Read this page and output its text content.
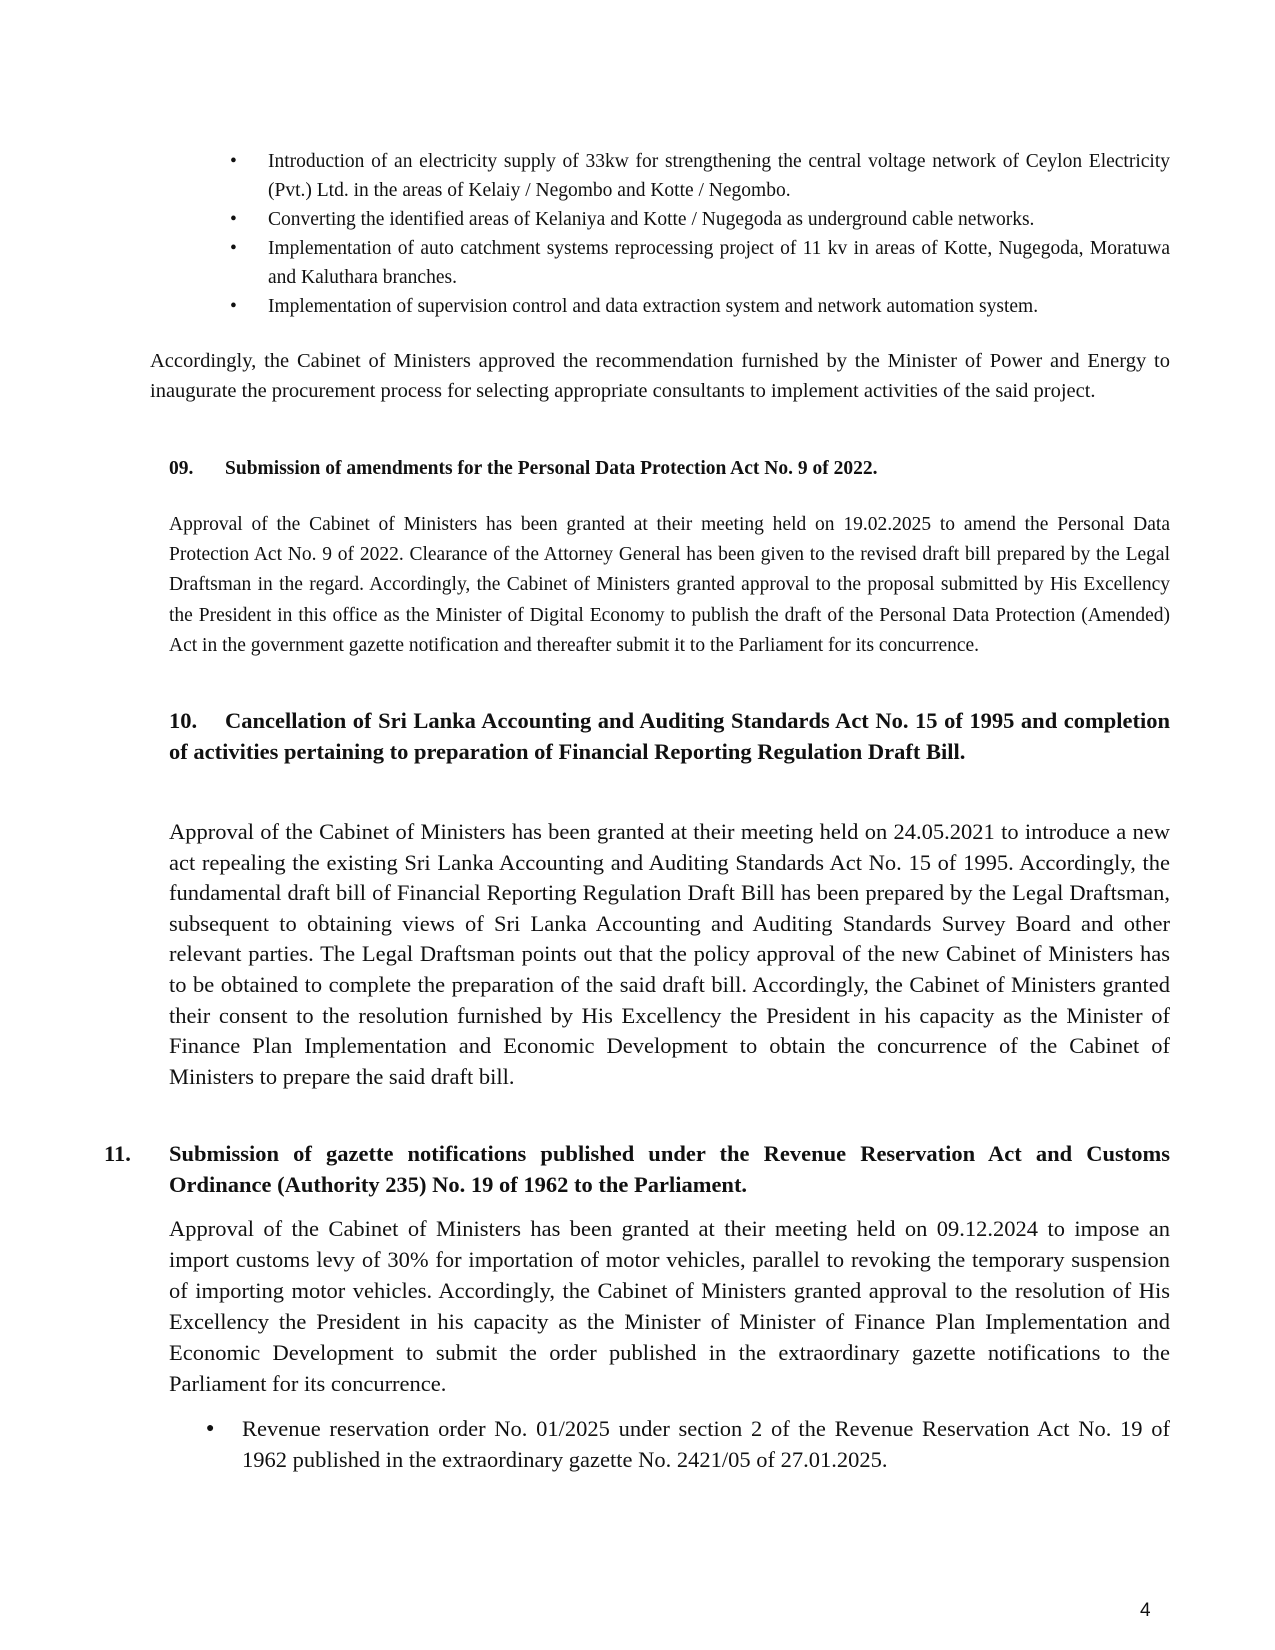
• Introduction of an electricity supply of 33kw for strengthening the central voltage network of Ceylon Electricity (Pvt.) Ltd. in the areas of Kelaiy / Negombo and Kotte / Negombo.
• Converting the identified areas of Kelaniya and Kotte / Nugegoda as underground cable networks.
• Implementation of auto catchment systems reprocessing project of 11 kv in areas of Kotte, Nugegoda, Moratuwa and Kaluthara branches.
• Implementation of supervision control and data extraction system and network automation system.

Accordingly, the Cabinet of Ministers approved the recommendation furnished by the Minister of Power and Energy to inaugurate the procurement process for selecting appropriate consultants to implement activities of the said project.

09. Submission of amendments for the Personal Data Protection Act No. 9 of 2022.

Approval of the Cabinet of Ministers has been granted at their meeting held on 19.02.2025 to amend the Personal Data Protection Act No. 9 of 2022. Clearance of the Attorney General has been given to the revised draft bill prepared by the Legal Draftsman in the regard. Accordingly, the Cabinet of Ministers granted approval to the proposal submitted by His Excellency the President in this office as the Minister of Digital Economy to publish the draft of the Personal Data Protection (Amended) Act in the government gazette notification and thereafter submit it to the Parliament for its concurrence.

10. Cancellation of Sri Lanka Accounting and Auditing Standards Act No. 15 of 1995 and completion of activities pertaining to preparation of Financial Reporting Regulation Draft Bill.

Approval of the Cabinet of Ministers has been granted at their meeting held on 24.05.2021 to introduce a new act repealing the existing Sri Lanka Accounting and Auditing Standards Act No. 15 of 1995. Accordingly, the fundamental draft bill of Financial Reporting Regulation Draft Bill has been prepared by the Legal Draftsman, subsequent to obtaining views of Sri Lanka Accounting and Auditing Standards Survey Board and other relevant parties. The Legal Draftsman points out that the policy approval of the new Cabinet of Ministers has to be obtained to complete the preparation of the said draft bill. Accordingly, the Cabinet of Ministers granted their consent to the resolution furnished by His Excellency the President in his capacity as the Minister of Finance Plan Implementation and Economic Development to obtain the concurrence of the Cabinet of Ministers to prepare the said draft bill.

11. Submission of gazette notifications published under the Revenue Reservation Act and Customs Ordinance (Authority 235) No. 19 of 1962 to the Parliament.

Approval of the Cabinet of Ministers has been granted at their meeting held on 09.12.2024 to impose an import customs levy of 30% for importation of motor vehicles, parallel to revoking the temporary suspension of importing motor vehicles. Accordingly, the Cabinet of Ministers granted approval to the resolution of His Excellency the President in his capacity as the Minister of Minister of Finance Plan Implementation and Economic Development to submit the order published in the extraordinary gazette notifications to the Parliament for its concurrence.

● Revenue reservation order No. 01/2025 under section 2 of the Revenue Reservation Act No. 19 of 1962 published in the extraordinary gazette No. 2421/05 of 27.01.2025.
4
